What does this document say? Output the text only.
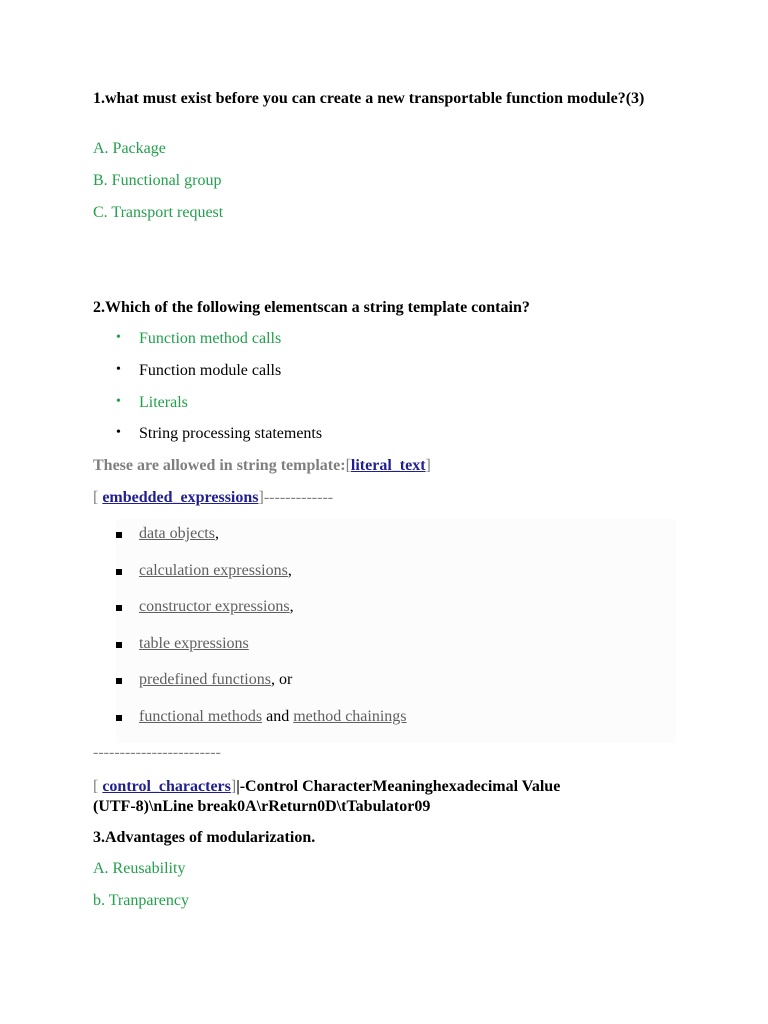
1.what must exist before you can create a new transportable function module?(3)
A. Package
B. Functional group
C. Transport request
2.Which of the following elementscan a string template contain?
• Function method calls
• Function module calls
• Literals
• String processing statements
These are allowed in string template:[literal_text]
[ embedded_expressions]-------------
data objects,
calculation expressions,
constructor expressions,
table expressions
predefined functions, or
functional methods and method chainings
------------------------
[ control_characters]|-Control CharacterMeaninghexadecimal Value
(UTF-8)\nLine break0A\rReturn0D\tTabulator09
3.Advantages of modularization.
A. Reusability
b. Tranparency
